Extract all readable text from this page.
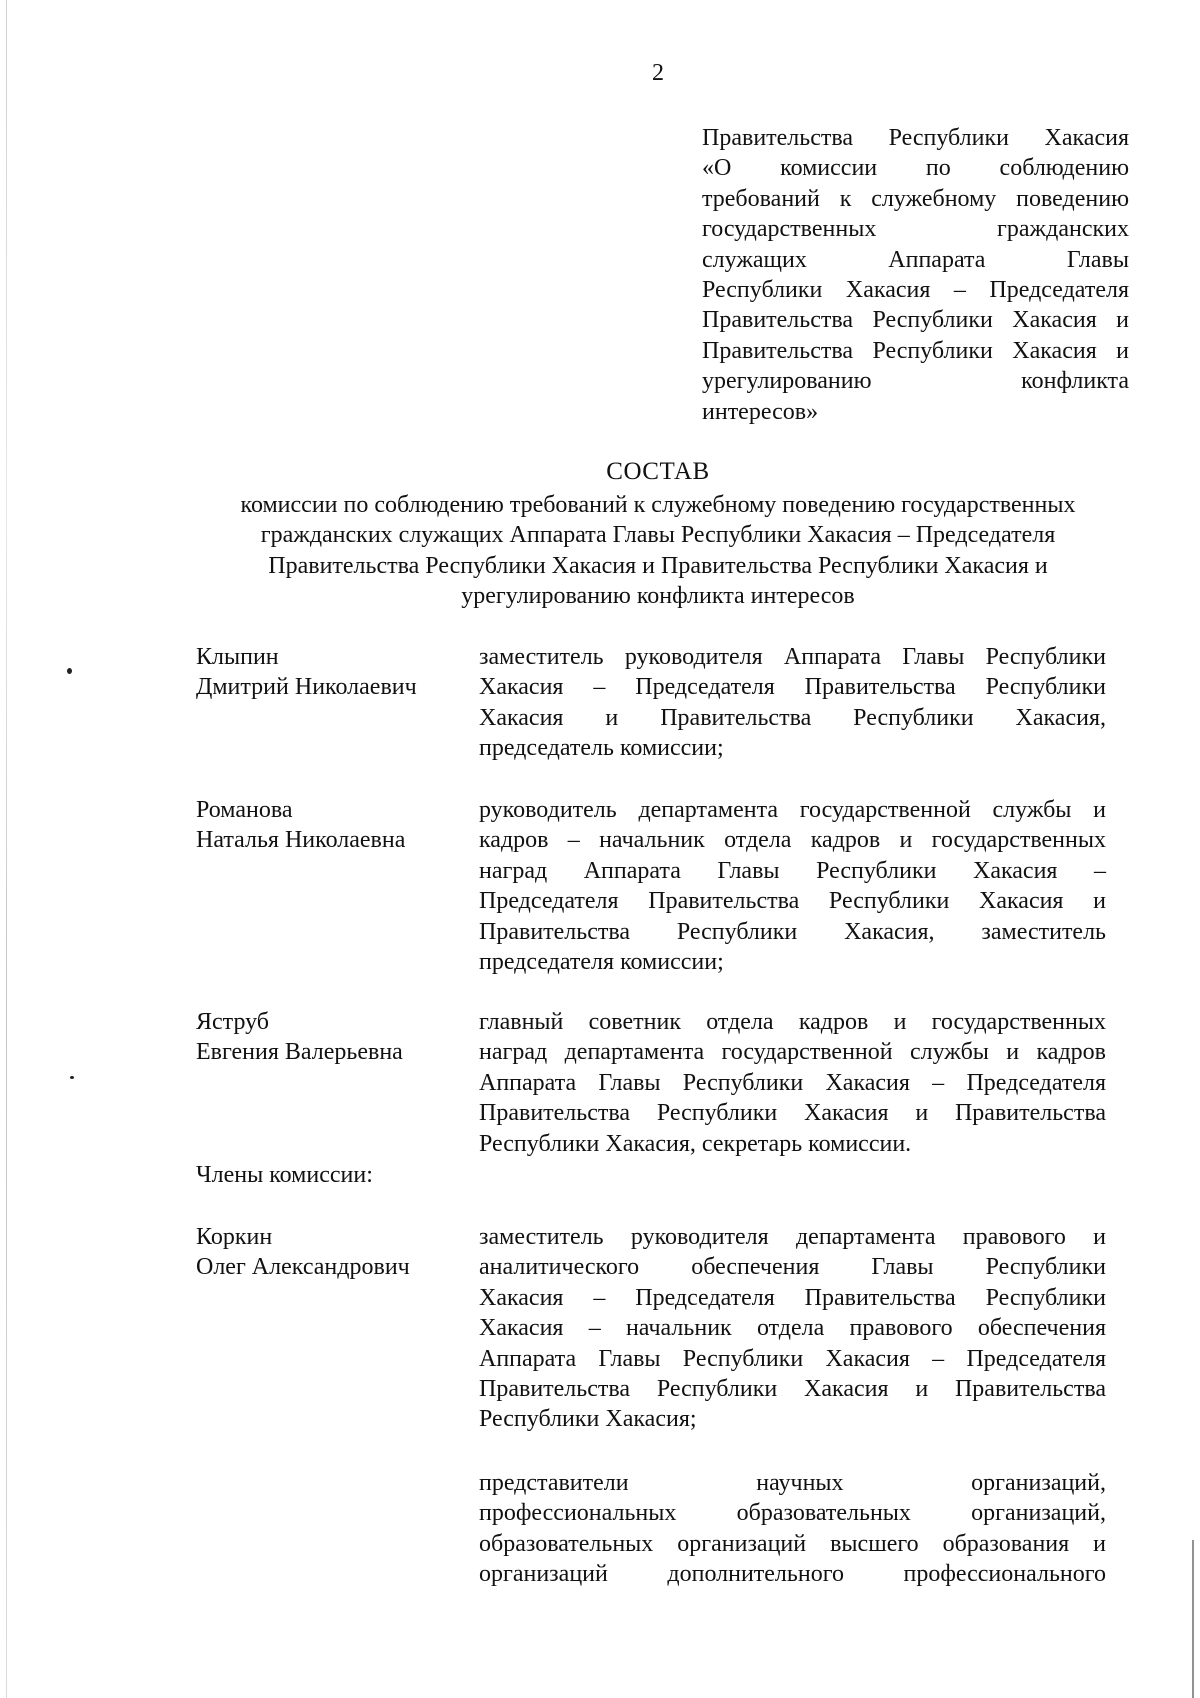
2
Правительства Республики Хакасия
«О комиссии по соблюдению
требований к служебному поведению
государственных гражданских
служащих Аппарата Главы
Республики Хакасия – Председателя
Правительства Республики Хакасия и
Правительства Республики Хакасия и
урегулированию конфликта
интересов»
СОСТАВ
комиссии по соблюдению требований к служебному поведению государственных
гражданских служащих Аппарата Главы Республики Хакасия – Председателя
Правительства Республики Хакасия и Правительства Республики Хакасия и
урегулированию конфликта интересов
Клыпин
Дмитрий Николаевич
заместитель руководителя Аппарата Главы Республики
Хакасия – Председателя Правительства Республики
Хакасия и Правительства Республики Хакасия,
председатель комиссии;
Романова
Наталья Николаевна
руководитель департамента государственной службы и
кадров – начальник отдела кадров и государственных
наград Аппарата Главы Республики Хакасия –
Председателя Правительства Республики Хакасия и
Правительства Республики Хакасия, заместитель
председателя комиссии;
Яструб
Евгения Валерьевна
главный советник отдела кадров и государственных
наград департамента государственной службы и кадров
Аппарата Главы Республики Хакасия – Председателя
Правительства Республики Хакасия и Правительства
Республики Хакасия, секретарь комиссии.
Члены комиссии:
Коркин
Олег Александрович
заместитель руководителя департамента правового и
аналитического обеспечения Главы Республики
Хакасия – Председателя Правительства Республики
Хакасия – начальник отдела правового обеспечения
Аппарата Главы Республики Хакасия – Председателя
Правительства Республики Хакасия и Правительства
Республики Хакасия;
представители научных организаций,
профессиональных образовательных организаций,
образовательных организаций высшего образования и
организаций дополнительного профессионального
